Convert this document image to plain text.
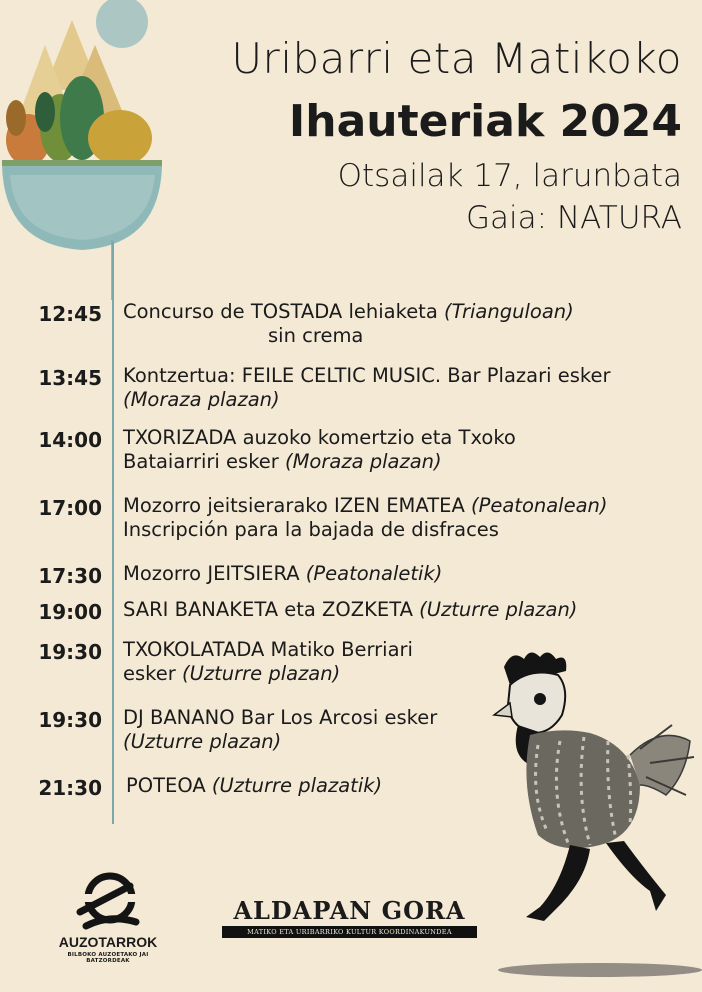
Uribarri eta Matikoko
Ihauteriak 2024
Otsailak 17, larunbata
Gaia: NATURA
12:45 Concurso de TOSTADA lehiaketa (Trianguloan)
sin crema
13:45 Kontzertua: FEILE CELTIC MUSIC. Bar Plazari esker
(Moraza plazan)
14:00 TXORIZADA auzoko komertzio eta Txoko
Bataiarriri esker (Moraza plazan)
17:00 Mozorro jeitsierarako IZEN EMATEA (Peatonalean)
Inscripción para la bajada de disfraces
17:30 Mozorro JEITSIERA (Peatonaletik)
19:00 SARI BANAKETA eta ZOZKETA (Uzturre plazan)
19:30 TXOKOLATADA Matiko Berriari
esker (Uzturre plazan)
19:30 DJ BANANO Bar Los Arcosi esker
(Uzturre plazan)
21:30 POTEOA (Uzturre plazatik)
AUZOTARROK
BILBOKO AUZOETAKO JAI BATZORDEAK
ALDAPAN GORA
MATIKO ETA URIBARRIKO KULTUR KOORDINAKUNDEA
